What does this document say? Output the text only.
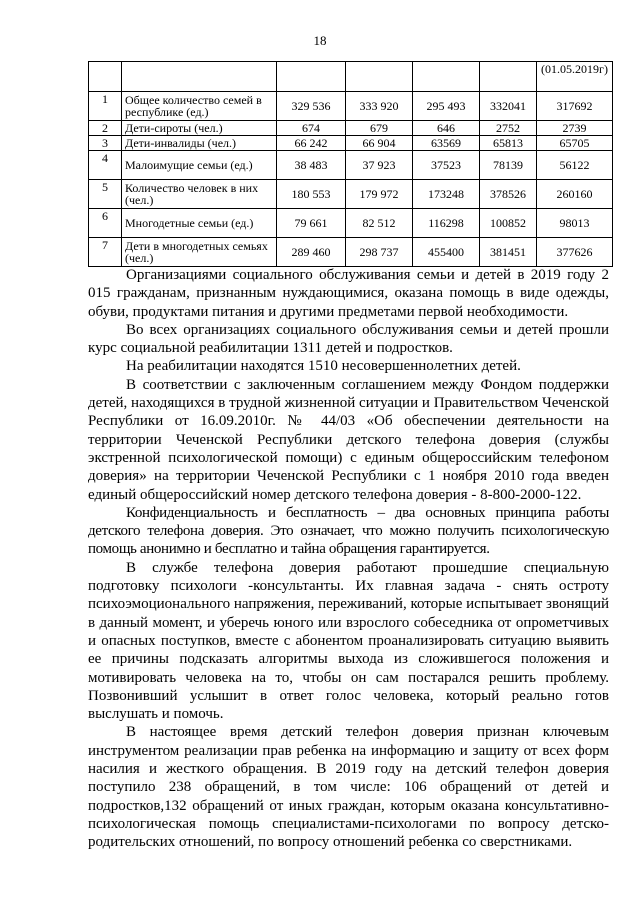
18
						(01.05.2019г)
1	Общее количество семей в республике (ед.)	329 536	333 920	295 493	332041	317692
2	Дети-сироты (чел.)	674	679	646	2752	2739
3	Дети-инвалиды (чел.)	66 242	66 904	63569	65813	65705
4	Малоимущие семьи (ед.)	38 483	37 923	37523	78139	56122
5	Количество человек в них (чел.)	180 553	179 972	173248	378526	260160
6	Многодетные семьи (ед.)	79 661	82 512	116298	100852	98013
7	Дети в многодетных семьях (чел.)	289 460	298 737	455400	381451	377626

Организациями социального обслуживания семьи и детей в 2019 году 2 015 гражданам, признанным нуждающимися, оказана помощь в виде одежды, обуви, продуктами питания и другими предметами первой необходимости.

Во всех организациях социального обслуживания семьи и детей прошли курс социальной реабилитации 1311 детей и подростков.

На реабилитации находятся 1510 несовершеннолетних детей.

В соответствии с заключенным соглашением между Фондом поддержки детей, находящихся в трудной жизненной ситуации и Правительством Чеченской Республики от 16.09.2010г. № 44/03 «Об обеспечении деятельности на территории Чеченской Республики детского телефона доверия (службы экстренной психологической помощи) с единым общероссийским телефоном доверия» на территории Чеченской Республики с 1 ноября 2010 года введен единый общероссийский номер детского телефона доверия - 8-800-2000-122.

Конфиденциальность и бесплатность – два основных принципа работы детского телефона доверия. Это означает, что можно получить психологическую помощь анонимно и бесплатно и тайна обращения гарантируется.

В службе телефона доверия работают прошедшие специальную подготовку психологи -консультанты. Их главная задача - снять остроту психоэмоционального напряжения, переживаний, которые испытывает звонящий в данный момент, и уберечь юного или взрослого собеседника от опрометчивых и опасных поступков, вместе с абонентом проанализировать ситуацию выявить ее причины подсказать алгоритмы выхода из сложившегося положения и мотивировать человека на то, чтобы он сам постарался решить проблему. Позвонивший услышит в ответ голос человека, который реально готов выслушать и помочь.

В настоящее время детский телефон доверия признан ключевым инструментом реализации прав ребенка на информацию и защиту от всех форм насилия и жесткого обращения. В 2019 году на детский телефон доверия поступило 238 обращений, в том числе: 106 обращений от детей и подростков,132 обращений от иных граждан, которым оказана консультативно-психологическая помощь специалистами-психологами по вопросу детско-родительских отношений, по вопросу отношений ребенка со сверстниками.
